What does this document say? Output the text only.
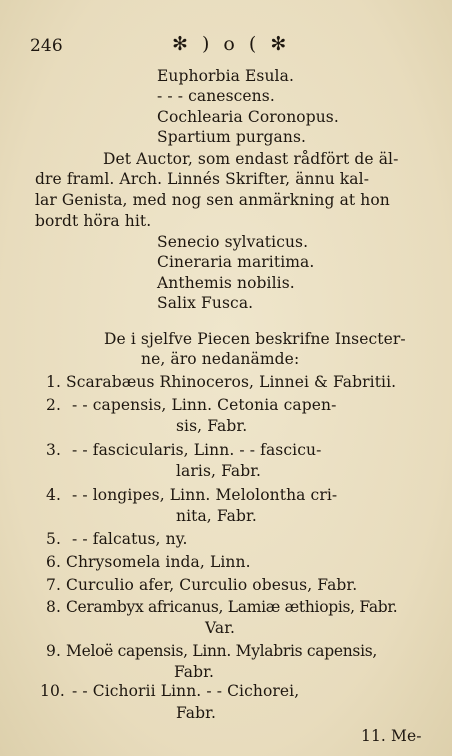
246	✻ ) o ( ✻
Euphorbia Esula.
- - - canescens.
Cochlearia Coronopus.
Spartium purgans.
Det Auctor, som endast rådfört de äl-
dre framl. Arch. Linnés Skrifter, ännu kal-
lar Genista, med nog sen anmärkning at hon
bordt höra hit.
Senecio sylvaticus.
Cineraria maritima.
Anthemis nobilis.
Salix Fusca.
De i sjelfve Piecen beskrifne Insecter-
ne, äro nedanämde:
1. Scarabæus Rhinoceros, Linnei & Fabritii.
2. - - capensis, Linn. Cetonia capen-
sis, Fabr.
3. - - fascicularis, Linn. - - fascicu-
laris, Fabr.
4. - - longipes, Linn. Melolontha cri-
nita, Fabr.
5. - - falcatus, ny.
6. Chrysomela inda, Linn.
7. Curculio afer, Curculio obesus, Fabr.
8. Cerambyx africanus, Lamiæ æthiopis, Fabr.
Var.
9. Meloë capensis, Linn. Mylabris capensis,
Fabr.
10. - - Cichorii Linn. - - Cichorei,
Fabr.
11. Me-
